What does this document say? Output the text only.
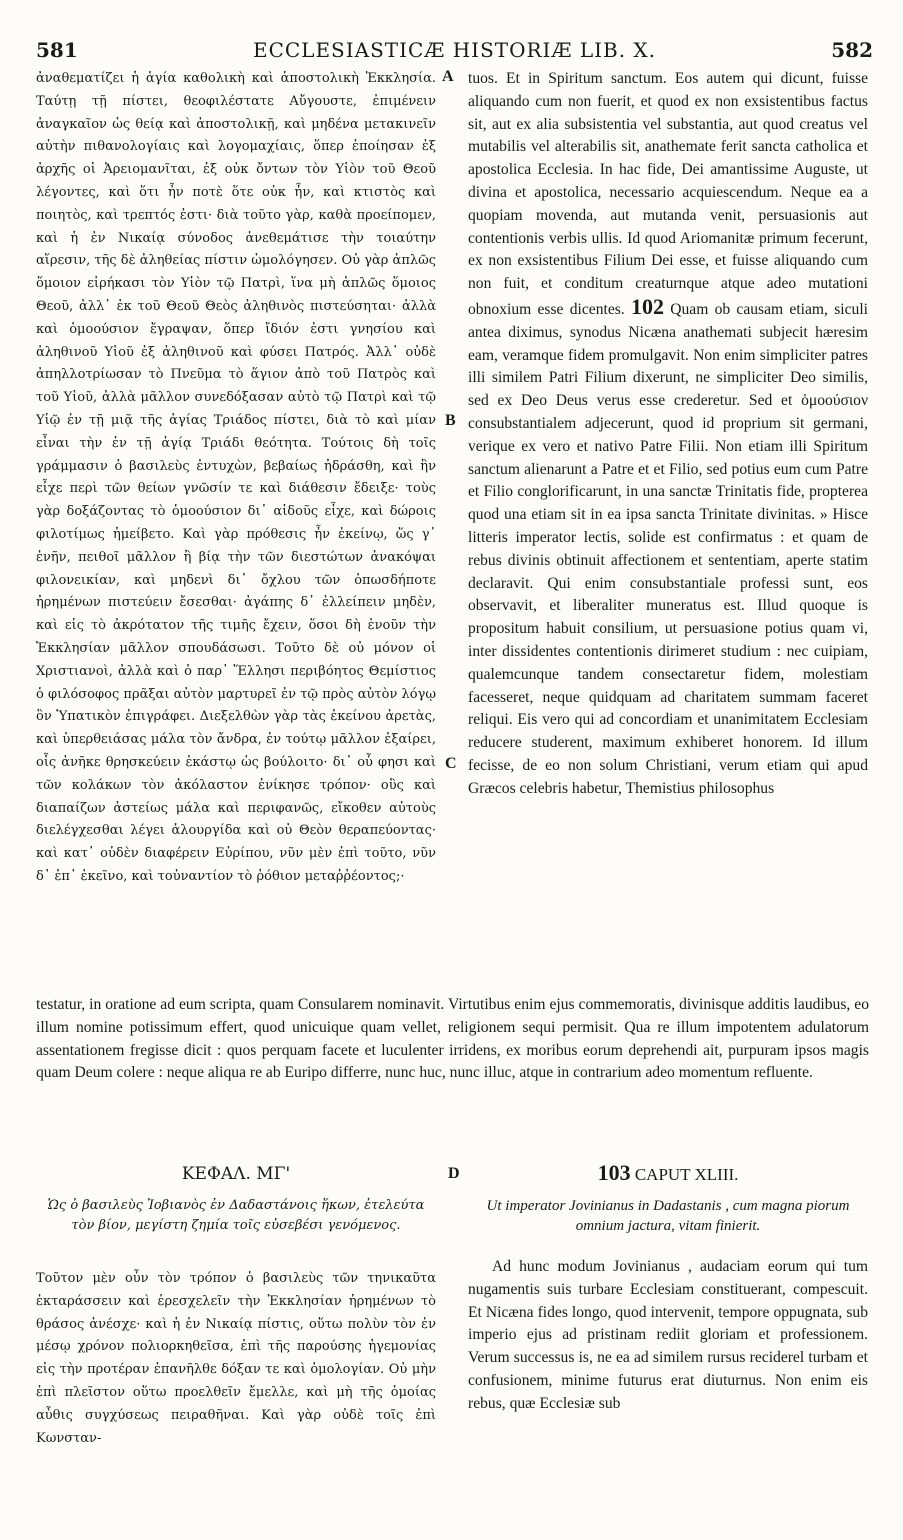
581	ECCLESIASTICÆ HISTORIÆ LIB. X.	582

ἀναθεματίζει ἡ ἁγία καθολικὴ καὶ ἀποστολικὴ Ἐκκλησία. Ταύτῃ τῇ πίστει, θεοφιλέστατε Αὔγουστε, ἐπιμένειν ἀναγκαῖον ὡς θείᾳ καὶ ἀποστολικῇ, καὶ μηδένα μετακινεῖν αὐτὴν πιθανολογίαις καὶ λογομαχίαις, ὅπερ ἐποίησαν ἐξ ἀρχῆς οἱ Ἀρειομανῖται, ἐξ οὐκ ὄντων τὸν Υἱὸν τοῦ Θεοῦ λέγοντες, καὶ ὅτι ἦν ποτὲ ὅτε οὐκ ἦν, καὶ κτιστὸς καὶ ποιητὸς, καὶ τρεπτός ἐστι· διὰ τοῦτο γὰρ, καθὰ προείπομεν, καὶ ἡ ἐν Νικαίᾳ σύνοδος ἀνεθεμάτισε τὴν τοιαύτην αἵρεσιν, τῆς δὲ ἀληθείας πίστιν ὡμολόγησεν. Οὐ γὰρ ἁπλῶς ὅμοιον εἰρήκασι τὸν Υἱὸν τῷ Πατρὶ, ἵνα μὴ ἁπλῶς ὅμοιος Θεοῦ, ἀλλ᾽ ἐκ τοῦ Θεοῦ Θεὸς ἀληθινὸς πιστεύσηται· ἀλλὰ καὶ ὁμοούσιον ἔγραψαν, ὅπερ ἴδιόν ἐστι γνησίου καὶ ἀληθινοῦ Υἱοῦ ἐξ ἀληθινοῦ καὶ φύσει Πατρός. Ἀλλ᾽ οὐδὲ ἀπηλλοτρίωσαν τὸ Πνεῦμα τὸ ἅγιον ἀπὸ τοῦ Πατρὸς καὶ τοῦ Υἱοῦ, ἀλλὰ μᾶλλον συνεδόξασαν αὐτὸ τῷ Πατρὶ καὶ τῷ Υἱῷ ἐν τῇ μιᾷ τῆς ἁγίας Τριάδος πίστει, διὰ τὸ καὶ μίαν εἶναι τὴν ἐν τῇ ἁγίᾳ Τριάδι θεότητα. Τούτοις δὴ τοῖς γράμμασιν ὁ βασιλεὺς ἐντυχὼν, βεβαίως ἠδράσθη, καὶ ἣν εἶχε περὶ τῶν θείων γνῶσίν τε καὶ διάθεσιν ἔδειξε· τοὺς γὰρ δοξάζοντας τὸ ὁμοούσιον δι᾽ αἰδοῦς εἶχε, καὶ δώροις φιλοτίμως ἠμείβετο. Καὶ γὰρ πρόθεσις ἦν ἐκείνῳ, ὥς γ᾽ ἐνῆν, πειθοῖ μᾶλλον ἢ βίᾳ τὴν τῶν διεστώτων ἀνακόψαι φιλονεικίαν, καὶ μηδενὶ δι᾽ ὄχλου τῶν ὁπωσδήποτε ἠρημένων πιστεύειν ἔσεσθαι· ἀγάπης δ᾽ ἐλλείπειν μηδὲν, καὶ εἰς τὸ ἀκρότατον τῆς τιμῆς ἔχειν, ὅσοι δὴ ἑνοῦν τὴν Ἐκκλησίαν μᾶλλον σπουδάσωσι. Τοῦτο δὲ οὐ μόνον οἱ Χριστιανοὶ, ἀλλὰ καὶ ὁ παρ᾽ Ἕλλησι περιβόητος Θεμίστιος ὁ φιλόσοφος πρᾶξαι αὐτὸν μαρτυρεῖ ἐν τῷ πρὸς αὐτὸν λόγῳ ὃν Ὑπατικὸν ἐπιγράφει. Διεξελθὼν γὰρ τὰς ἐκείνου ἀρετὰς, καὶ ὑπερθειάσας μάλα τὸν ἄνδρα, ἐν τούτῳ μᾶλλον ἐξαίρει, οἷς ἀνῆκε θρησκεύειν ἑκάστῳ ὡς βούλοιτο· δι᾽ οὗ φησι καὶ τῶν κολάκων τὸν ἀκόλαστον ἐνίκησε τρόπον· οὓς καὶ διαπαίζων ἀστείως μάλα καὶ περιφανῶς, εἴκοθεν αὐτοὺς διελέγχεσθαι λέγει ἁλουργίδα καὶ οὐ Θεὸν θεραπεύοντας· καὶ κατ᾽ οὐδὲν διαφέρειν Εὐρίπου, νῦν μὲν ἐπὶ τοῦτο, νῦν δ᾽ ἐπ᾽ ἐκεῖνο, καὶ τοὐναντίον τὸ ῥόθιον μεταῤῥέοντος;·

A
B
C
D

tuos. Et in Spiritum sanctum. Eos autem qui dicunt, fuisse aliquando cum non fuerit, et quod ex non exsistentibus factus sit, aut ex alia subsistentia vel substantia, aut quod creatus vel mutabilis vel alterabilis sit, anathemate ferit sancta catholica et apostolica Ecclesia. In hac fide, Dei amantissime Auguste, ut divina et apostolica, necessario acquiescendum. Neque ea a quopiam movenda, aut mutanda venit, persuasionis aut contentionis verbis ullis. Id quod Ariomanitæ primum fecerunt, ex non exsistentibus Filium Dei esse, et fuisse aliquando cum non fuit, et conditum creaturnque atque adeo mutationi obnoxium esse dicentes. 102 Quam ob causam etiam, siculi antea diximus, synodus Nicæna anathemati subjecit hæresim eam, veramque fidem promulgavit. Non enim simpliciter patres illi similem Patri Filium dixerunt, ne simpliciter Deo similis, sed ex Deo Deus verus esse crederetur. Sed et ὁμοούσιον consubstantialem adjecerunt, quod id proprium sit germani, verique ex vero et nativo Patre Filii. Non etiam illi Spiritum sanctum alienarunt a Patre et et Filio, sed potius eum cum Patre et Filio conglorificarunt, in una sanctæ Trinitatis fide, propterea quod una etiam sit in ea ipsa sancta Trinitate divinitas. » Hisce litteris imperator lectis, solide est confirmatus : et quam de rebus divinis obtinuit affectionem et sententiam, aperte statim declaravit. Qui enim consubstantiale professi sunt, eos observavit, et liberaliter muneratus est. Illud quoque is propositum habuit consilium, ut persuasione potius quam vi, inter dissidentes contentionis dirimeret studium : nec cuipiam, qualemcunque tandem consectaretur fidem, molestiam facesseret, neque quidquam ad charitatem summam faceret reliqui. Eis vero qui ad concordiam et unanimitatem Ecclesiam reducere studerent, maximum exhiberet honorem. Id illum fecisse, de eo non solum Christiani, verum etiam qui apud Græcos celebris habetur, Themistius philosophus

testatur, in oratione ad eum scripta, quam Consularem nominavit. Virtutibus enim ejus commemoratis, divinisque additis laudibus, eo illum nomine potissimum effert, quod unicuique quam vellet, religionem sequi permisit. Qua re illum impotentem adulatorum assentationem fregisse dicit : quos perquam facete et luculenter irridens, ex moribus eorum deprehendi ait, purpuram ipsos magis quam Deum colere : neque aliqua re ab Euripo differre, nunc huc, nunc illuc, atque in contrarium adeo momentum refluente.

ΚΕΦΑΛ. ΜΓ'
Ὡς ὁ βασιλεὺς Ἰοβιανὸς ἐν Δαδαστάνοις ἥκων, ἐτελεύτα τὸν βίον, μεγίστη ζημία τοῖς εὐσεβέσι γενόμενος.

Τοῦτον μὲν οὖν τὸν τρόπον ὁ βασιλεὺς τῶν τηνικαῦτα ἐκταράσσειν καὶ ἐρεσχελεῖν τὴν Ἐκκλησίαν ἠρημένων τὸ θράσος ἀνέσχε· καὶ ἡ ἐν Νικαίᾳ πίστις, οὕτω πολὺν τὸν ἐν μέσῳ χρόνον πολιορκηθεῖσα, ἐπὶ τῆς παρούσης ἡγεμονίας εἰς τὴν προτέραν ἐπανῆλθε δόξαν τε καὶ ὁμολογίαν. Οὐ μὴν ἐπὶ πλεῖστον οὕτω προελθεῖν ἔμελλε, καὶ μὴ τῆς ὁμοίας αὖθις συγχύσεως πειραθῆναι. Καὶ γὰρ οὐδὲ τοῖς ἐπὶ Κωνσταν-

103 CAPUT XLIII.
Ut imperator Jovinianus in Dadastanis , cum magna piorum omnium jactura, vitam finierit.

Ad hunc modum Jovinianus , audaciam eorum qui tum nugamentis suis turbare Ecclesiam constituerant, compescuit. Et Nicæna fides longo, quod intervenit, tempore oppugnata, sub imperio ejus ad pristinam rediit gloriam et professionem. Verum successus is, ne ea ad similem rursus reciderel turbam et confusionem, minime futurus erat diuturnus. Non enim eis rebus, quæ Ecclesiæ sub
